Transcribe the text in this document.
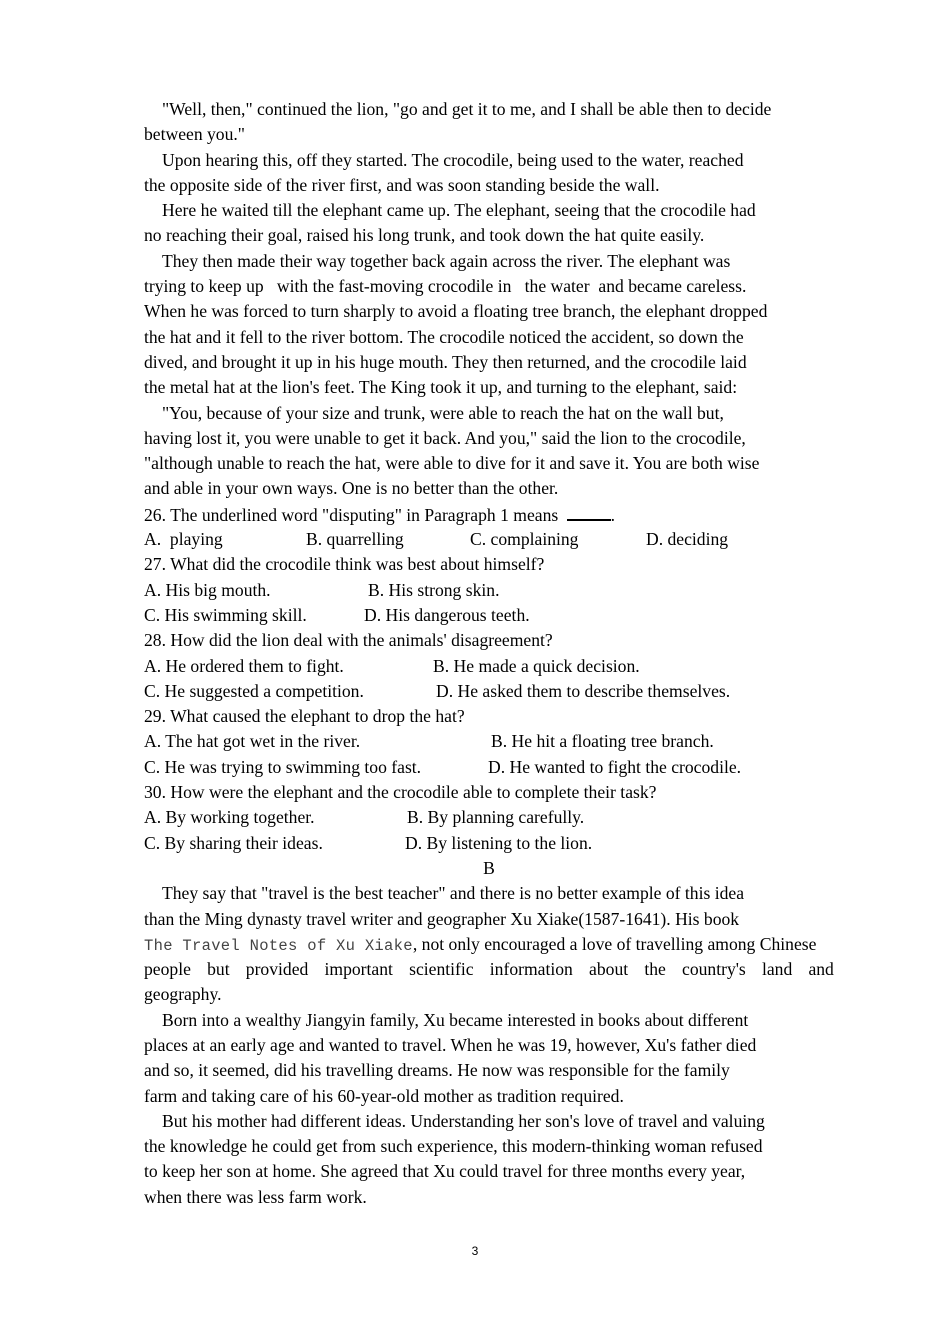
"Well, then," continued the lion, "go and get it to me, and I shall be able then to decide
between you."
Upon hearing this, off they started. The crocodile, being used to the water, reached
the opposite side of the river first, and was soon standing beside the wall.
Here he waited till the elephant came up. The elephant, seeing that the crocodile had
no reaching their goal, raised his long trunk, and took down the hat quite easily.
They then made their way together back again across the river. The elephant was
trying to keep up   with the fast-moving crocodile in   the water  and became careless.
When he was forced to turn sharply to avoid a floating tree branch, the elephant dropped
the hat and it fell to the river bottom. The crocodile noticed the accident, so down the
dived, and brought it up in his huge mouth. They then returned, and the crocodile laid
the metal hat at the lion's feet. The King took it up, and turning to the elephant, said:
"You, because of your size and trunk, were able to reach the hat on the wall but,
having lost it, you were unable to get it back. And you," said the lion to the crocodile,
"although unable to reach the hat, were able to dive for it and save it. You are both wise
and able in your own ways. One is no better than the other.
26. The underlined word "disputing" in Paragraph 1 means	.

A.  playing

	B. quarrelling

	C. complaining

	D. deciding

27. What did the crocodile think was best about himself?

A. His big mouth.

	B. His strong skin.

C. His swimming skill.

	D. His dangerous teeth.

28. How did the lion deal with the animals' disagreement?

A. He ordered them to fight.

	B. He made a quick decision.

C. He suggested a competition.

	D. He asked them to describe themselves.

29. What caused the elephant to drop the hat?

A. The hat got wet in the river.

	B. He hit a floating tree branch.

C. He was trying to swimming too fast.

	D. He wanted to fight the crocodile.

30. How were the elephant and the crocodile able to complete their task?

A. By working together.

	B. By planning carefully.

C. By sharing their ideas.

	D. By listening to the lion.

B
They say that "travel is the best teacher" and there is no better example of this idea
than the Ming dynasty travel writer and geographer Xu Xiake(1587-1641). His book
The Travel Notes of Xu Xiake, not only encouraged a love of travelling among Chinese
people but provided important scientific information about the country's land and
geography.
Born into a wealthy Jiangyin family, Xu became interested in books about different
places at an early age and wanted to travel. When he was 19, however, Xu's father died
and so, it seemed, did his travelling dreams. He now was responsible for the family
farm and taking care of his 60-year-old mother as tradition required.
But his mother had different ideas. Understanding her son's love of travel and valuing
the knowledge he could get from such experience, this modern-thinking woman refused
to keep her son at home. She agreed that Xu could travel for three months every year,
when there was less farm work.
3
